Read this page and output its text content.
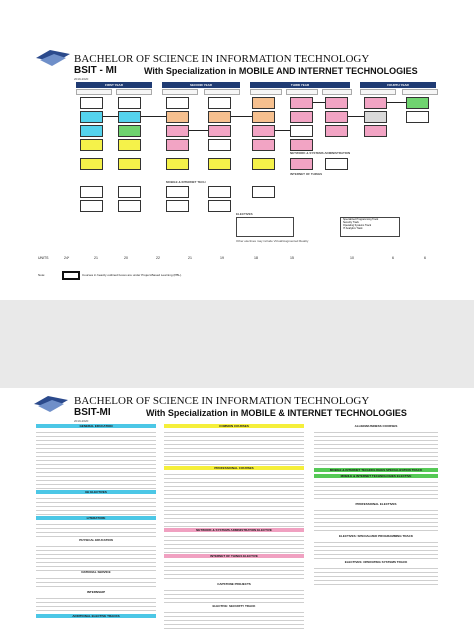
BACHELOR OF SCIENCE IN INFORMATION TECHNOLOGY
BSIT - MI	With Specialization in MOBILE AND INTERNET TECHNOLOGIES
2019-2020
FIRST YEAR	SECOND YEAR	THIRD YEAR	FOURTH YEAR
NETWORK & SYSTEMS ADMINISTRATION
INTERNET OF THINGS
MOBILE & INTERNET TECH
ELECTIVES
Specialized Programming Track
Security Track
Operating Systems Track
IT Analytics Track
Other electives may include Virtual/Augmented Reality
UNITS	24*	21	20	22	21	19	18	15	10	6	6
Note:	Courses in heavily outlined boxes are under Project-Based Learning (PBL).
BACHELOR OF SCIENCE IN INFORMATION TECHNOLOGY
BSIT-MI	With Specialization in MOBILE & INTERNET TECHNOLOGIES
2019-2020
GENERAL EDUCATION
GE ELECTIVES
LITERATURE
PHYSICAL EDUCATION
NATIONAL SERVICE
INTERNSHIP
ADDITIONAL ELECTIVE TRACKS
COMMON COURSES
PROFESSIONAL COURSES
NETWORK & SYSTEMS ADMINISTRATION ELECTIVE
INTERNET OF THINGS ELECTIVE
CAPSTONE PROJECTS
ELECTIVE: SECURITY TRACK
ALLIED/BUSINESS COURSES
MOBILE & INTERNET TECHNOLOGIES SPECIALIZATION TRACK
MOBILE & INTERNET TECHNOLOGIES ELECTIVE
PROFESSIONAL ELECTIVES
ELECTIVES: SPECIALIZED PROGRAMMING TRACK
ELECTIVES: OPERATING SYSTEMS TRACK
